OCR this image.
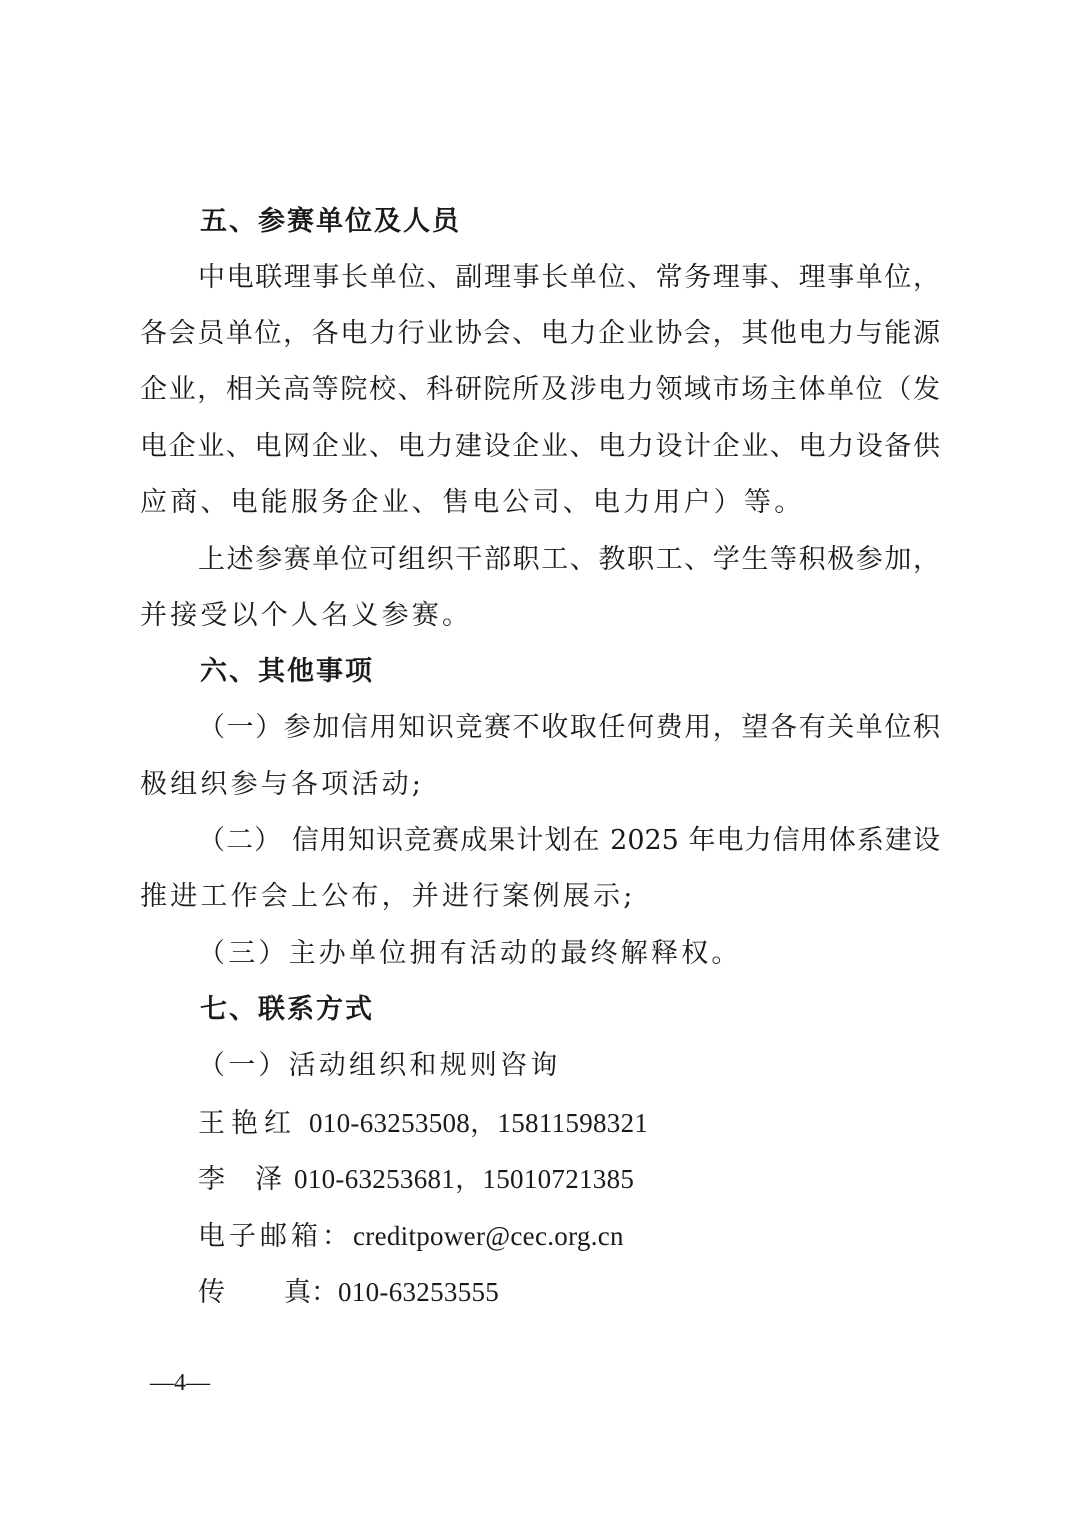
五、参赛单位及人员
中电联理事长单位、副理事长单位、常务理事、理事单位，
各会员单位，各电力行业协会、电力企业协会，其他电力与能源
企业，相关高等院校、科研院所及涉电力领域市场主体单位（发
电企业、电网企业、电力建设企业、电力设计企业、电力设备供
应商、电能服务企业、售电公司、电力用户）等。
上述参赛单位可组织干部职工、教职工、学生等积极参加，
并接受以个人名义参赛。
六、其他事项
（一）参加信用知识竞赛不收取任何费用，望各有关单位积
极组织参与各项活动;
（二） 信用知识竞赛成果计划在 2025 年电力信用体系建设
推进工作会上公布，并进行案例展示;
（三）主办单位拥有活动的最终解释权。
七、联系方式
（一）活动组织和规则咨询
王艳红 010-63253508，15811598321
李 泽 010-63253681，15010721385
电子邮箱：creditpower@cec.org.cn
传 真： 010-63253555
—4—
